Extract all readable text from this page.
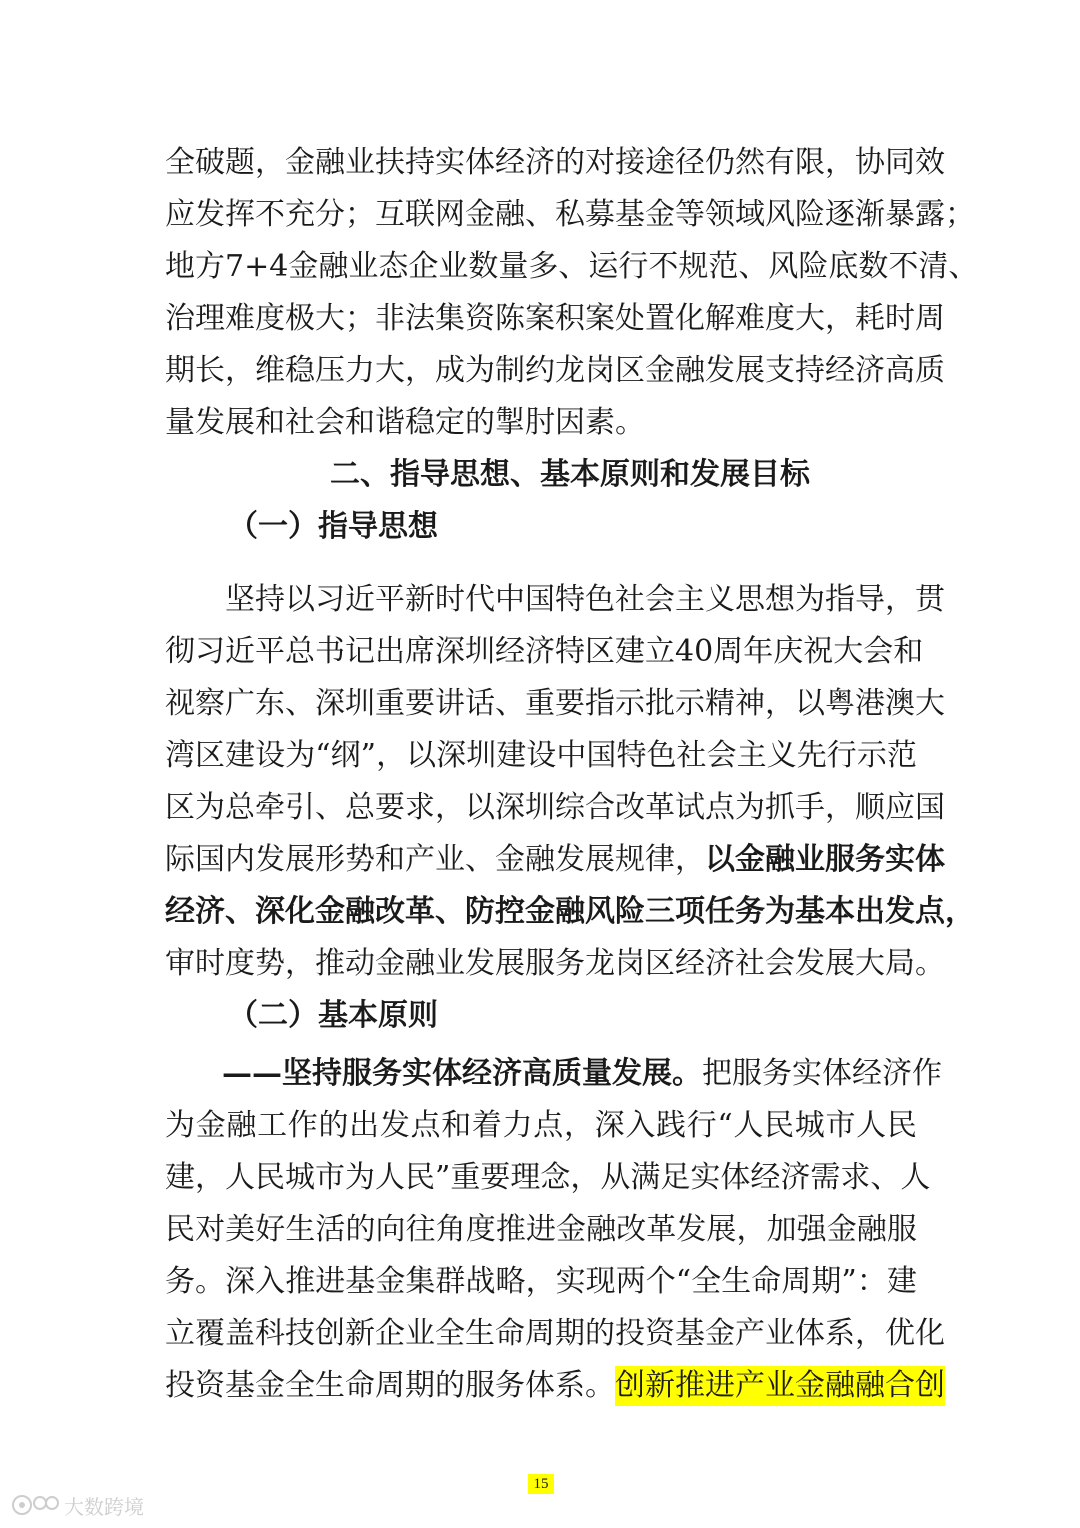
全 破 题 ， 金 融 业 扶 持 实 体 经 济 的 对 接 途 径 仍 然 有 限 ， 协 同 效
应 发 挥 不 充 分 ； 互 联 网 金 融 、 私 募 基 金 等 领 域 风 险 逐 渐 暴 露 ；
地 方 7+4 金 融 业 态 企 业 数 量 多 、 运 行 不 规 范 、 风 险 底 数 不 清 、
治 理 难 度 极 大 ； 非 法 集 资 陈 案 积 案 处 置 化 解 难 度 大 ， 耗 时 周
期 长 ， 维 稳 压 力 大 ， 成 为 制 约 龙 岗 区 金 融 发 展 支 持 经 济 高 质
量发展和社会和谐稳定的掣肘因素。
二、指导思想、基本原则和发展目标
（一）指导思想
坚 持 以 习 近 平 新 时 代 中 国 特 色 社 会 主 义 思 想 为 指 导 ， 贯
彻 习 近 平 总 书 记 出 席 深 圳 经 济 特 区 建 立 40 周 年 庆 祝 大 会 和
视 察 广 东 、 深 圳 重 要 讲 话 、 重 要 指 示 批 示 精 神 ， 以 粤 港 澳 大
湾 区 建 设 为 “ 纲 ” ， 以 深 圳 建 设 中 国 特 色 社 会 主 义 先 行 示 范
区 为 总 牵 引 、 总 要 求 ， 以 深 圳 综 合 改 革 试 点 为 抓 手 ， 顺 应 国
际国内发展形势和产业、金融发展规律， 以金融业服务实体
经 济 、 深 化 金 融 改 革 、 防 控 金 融 风 险 三 项 任 务 为 基 本 出 发 点 ，
审 时 度 势 ， 推 动 金 融 业 发 展 服 务 龙 岗 区 经 济 社 会 发 展 大 局 。
（二）基本原则
——坚持服务实体经济高质量发展。 把服务实体经济作
为 金 融 工 作 的 出 发 点 和 着 力 点 ， 深 入 践 行 “ 人 民 城 市 人 民
建 ， 人 民 城 市 为 人 民 ” 重 要 理 念 ， 从 满 足 实 体 经 济 需 求 、 人
民 对 美 好 生 活 的 向 往 角 度 推 进 金 融 改 革 发 展 ， 加 强 金 融 服
务 。 深 入 推 进 基 金 集 群 战 略 ， 实 现 两 个 “ 全 生 命 周 期 ” ： 建
立 覆 盖 科 技 创 新 企 业 全 生 命 周 期 的 投 资 基 金 产 业 体 系 ， 优 化
投资基金全生命周期的服务体系。 创新推进产业金融融合创
15
大数跨境
